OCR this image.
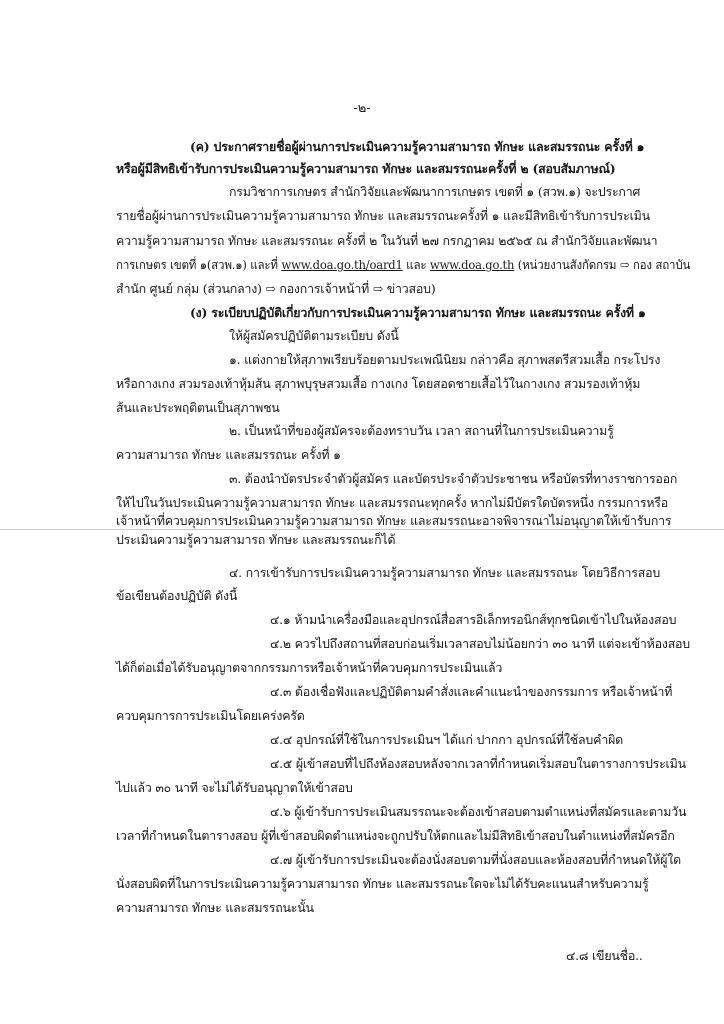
-๒-
(ค) ประกาศรายชื่อผู้ผ่านการประเมินความรู้ความสามารถ ทักษะ และสมรรถนะ ครั้งที่ ๑
หรือผู้มีสิทธิเข้ารับการประเมินความรู้ความสามารถ ทักษะ และสมรรถนะครั้งที่ ๒ (สอบสัมภาษณ์)
กรมวิชาการเกษตร สำนักวิจัยและพัฒนาการเกษตร เขตที่ ๑ (สวพ.๑) จะประกาศ
รายชื่อผู้ผ่านการประเมินความรู้ความสามารถ ทักษะ และสมรรถนะครั้งที่ ๑ และมีสิทธิเข้ารับการประเมิน
ความรู้ความสามารถ ทักษะ และสมรรถนะ ครั้งที่ ๒ ในวันที่ ๒๗ กรกฎาคม ๒๕๖๕ ณ สำนักวิจัยและพัฒนา
การเกษตร เขตที่ ๑(สวพ.๑) และที่ www.doa.go.th/oard1 และ www.doa.go.th (หน่วยงานสังกัดกรม ⇨ กอง สถาบัน
สำนัก ศูนย์ กลุ่ม (ส่วนกลาง) ⇨ กองการเจ้าหน้าที่ ⇨ ข่าวสอบ)
(ง) ระเบียบปฏิบัติเกี่ยวกับการประเมินความรู้ความสามารถ ทักษะ และสมรรถนะ ครั้งที่ ๑
ให้ผู้สมัครปฏิบัติตามระเบียบ ดังนี้
๑. แต่งกายให้สุภาพเรียบร้อยตามประเพณีนิยม กล่าวคือ สุภาพสตรีสวมเสื้อ กระโปรง
หรือกางเกง สวมรองเท้าหุ้มส้น สุภาพบุรุษสวมเสื้อ กางเกง โดยสอดชายเสื้อไว้ในกางเกง สวมรองเท้าหุ้ม
ส้นและประพฤติตนเป็นสุภาพชน
๒. เป็นหน้าที่ของผู้สมัครจะต้องทราบวัน เวลา สถานที่ในการประเมินความรู้
ความสามารถ ทักษะ และสมรรถนะ ครั้งที่ ๑
๓. ต้องนำบัตรประจำตัวผู้สมัคร และบัตรประจำตัวประชาชน หรือบัตรที่ทางราชการออก
ให้ไปในวันประเมินความรู้ความสามารถ ทักษะ และสมรรถนะทุกครั้ง หากไม่มีบัตรใดบัตรหนึ่ง กรรมการหรือ
เจ้าหน้าที่ควบคุมการประเมินความรู้ความสามารถ ทักษะ และสมรรถนะอาจพิจารณาไม่อนุญาตให้เข้ารับการ
ประเมินความรู้ความสามารถ ทักษะ และสมรรถนะก็ได้
๔. การเข้ารับการประเมินความรู้ความสามารถ ทักษะ และสมรรถนะ โดยวิธีการสอบ
ข้อเขียนต้องปฏิบัติ ดังนี้
๔.๑ ห้ามนำเครื่องมือและอุปกรณ์สื่อสารอิเล็กทรอนิกส์ทุกชนิดเข้าไปในห้องสอบ
๔.๒ ควรไปถึงสถานที่สอบก่อนเริ่มเวลาสอบไม่น้อยกว่า ๓๐ นาที แต่จะเข้าห้องสอบ
ได้ก็ต่อเมื่อได้รับอนุญาตจากกรรมการหรือเจ้าหน้าที่ควบคุมการประเมินแล้ว
๔.๓ ต้องเชื่อฟังและปฏิบัติตามคำสั่งและคำแนะนำของกรรมการ หรือเจ้าหน้าที่
ควบคุมการการประเมินโดยเคร่งครัด
๔.๔ อุปกรณ์ที่ใช้ในการประเมินฯ ได้แก่ ปากกา อุปกรณ์ที่ใช้ลบคำผิด
๔.๕ ผู้เข้าสอบที่ไปถึงห้องสอบหลังจากเวลาที่กำหนดเริ่มสอบในตารางการประเมิน
ไปแล้ว ๓๐ นาที จะไม่ได้รับอนุญาตให้เข้าสอบ
๔.๖ ผู้เข้ารับการประเมินสมรรถนะจะต้องเข้าสอบตามตำแหน่งที่สมัครและตามวัน
เวลาที่กำหนดในตารางสอบ ผู้ที่เข้าสอบผิดตำแหน่งจะถูกปรับให้ตกและไม่มีสิทธิเข้าสอบในตำแหน่งที่สมัครอีก
๔.๗ ผู้เข้ารับการประเมินจะต้องนั่งสอบตามที่นั่งสอบและห้องสอบที่กำหนดให้ผู้ใด
นั่งสอบผิดที่ในการประเมินความรู้ความสามารถ ทักษะ และสมรรถนะใดจะไม่ได้รับคะแนนสำหรับความรู้
ความสามารถ ทักษะ และสมรรถนะนั้น
๔.๘ เขียนชื่อ..
